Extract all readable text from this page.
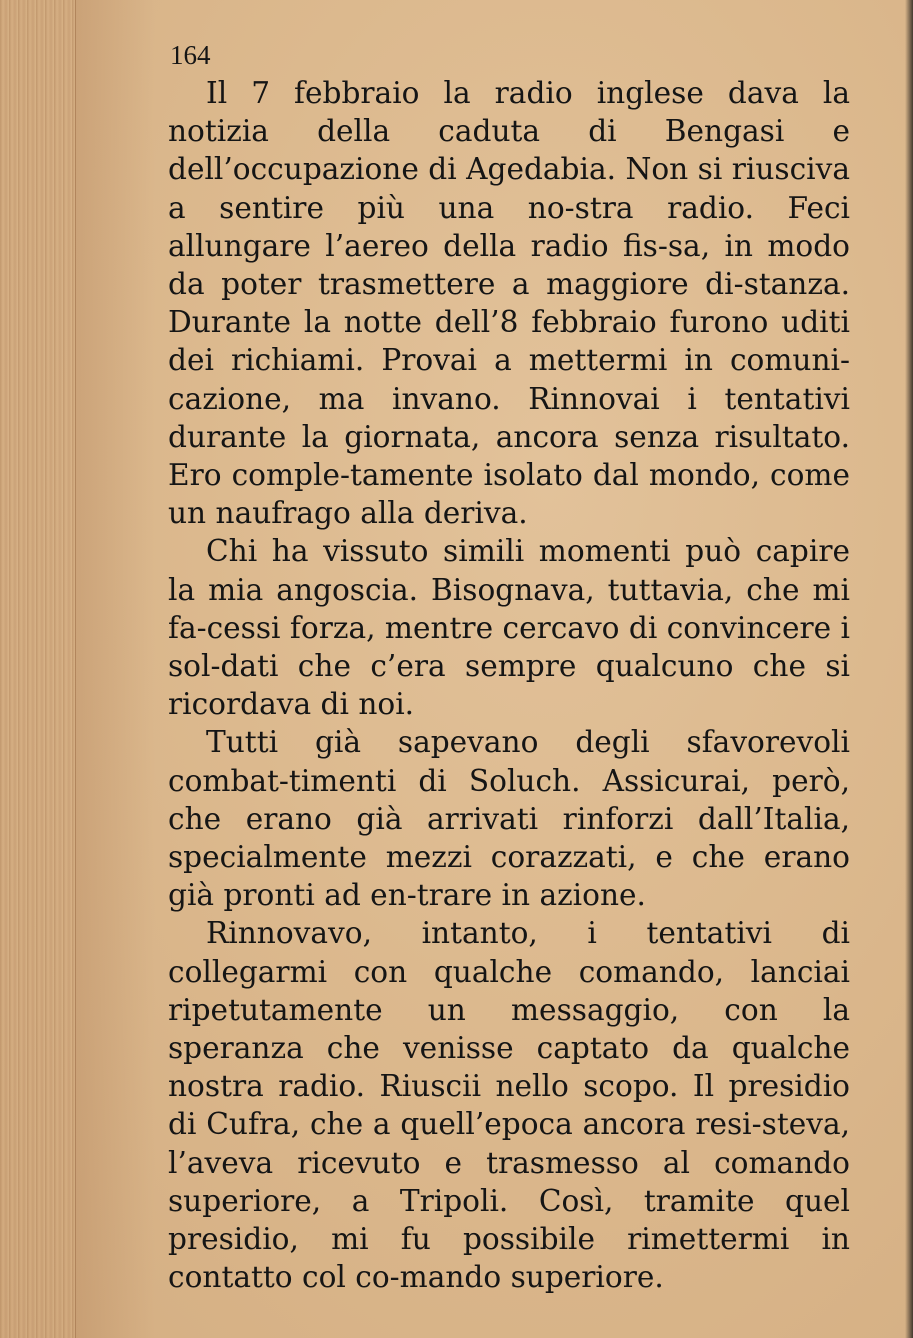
164

Il 7 febbraio la radio inglese dava la notizia della caduta di Bengasi e dell’occupazione di Agedabia. Non si riusciva a sentire più una no-stra radio. Feci allungare l’aereo della radio fis-sa, in modo da poter trasmettere a maggiore di-stanza. Durante la notte dell’8 febbraio furono uditi dei richiami. Provai a mettermi in comuni-cazione, ma invano. Rinnovai i tentativi durante la giornata, ancora senza risultato. Ero comple-tamente isolato dal mondo, come un naufrago alla deriva.

Chi ha vissuto simili momenti può capire la mia angoscia. Bisognava, tuttavia, che mi fa-cessi forza, mentre cercavo di convincere i sol-dati che c’era sempre qualcuno che si ricordava di noi.

Tutti già sapevano degli sfavorevoli combat-timenti di Soluch. Assicurai, però, che erano già arrivati rinforzi dall’Italia, specialmente mezzi corazzati, e che erano già pronti ad en-trare in azione.

Rinnovavo, intanto, i tentativi di collegarmi con qualche comando, lanciai ripetutamente un messaggio, con la speranza che venisse captato da qualche nostra radio. Riuscii nello scopo. Il presidio di Cufra, che a quell’epoca ancora resi-steva, l’aveva ricevuto e trasmesso al comando superiore, a Tripoli. Così, tramite quel presidio, mi fu possibile rimettermi in contatto col co-mando superiore.
